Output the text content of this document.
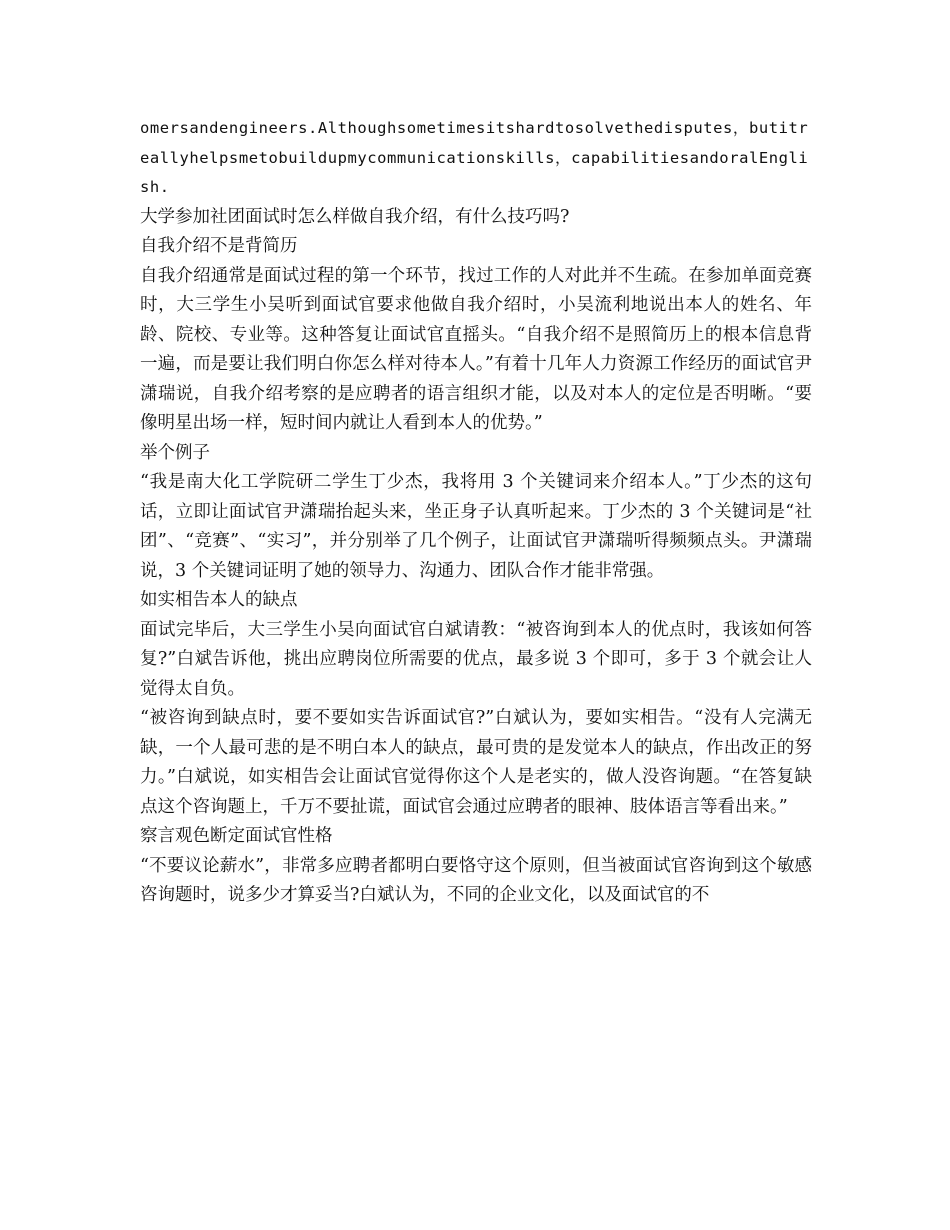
omersandengineers.Althoughsometimesitshardtosolvethedisputes，butitreallyhelpsmetobuildupmycommunicationskills，capabilitiesandoralEnglish.

大学参加社团面试时怎么样做自我介绍，有什么技巧吗?

自我介绍不是背简历

自我介绍通常是面试过程的第一个环节，找过工作的人对此并不生疏。在参加单面竞赛时，大三学生小吴听到面试官要求他做自我介绍时，小吴流利地说出本人的姓名、年龄、院校、专业等。这种答复让面试官直摇头。“自我介绍不是照简历上的根本信息背一遍，而是要让我们明白你怎么样对待本人。”有着十几年人力资源工作经历的面试官尹潇瑞说，自我介绍考察的是应聘者的语言组织才能，以及对本人的定位是否明晰。“要像明星出场一样，短时间内就让人看到本人的优势。”

举个例子

“我是南大化工学院研二学生丁少杰，我将用 3 个关键词来介绍本人。”丁少杰的这句话，立即让面试官尹潇瑞抬起头来，坐正身子认真听起来。丁少杰的 3 个关键词是“社团”、“竞赛”、“实习”，并分别举了几个例子，让面试官尹潇瑞听得频频点头。尹潇瑞说，3 个关键词证明了她的领导力、沟通力、团队合作才能非常强。

如实相告本人的缺点

面试完毕后，大三学生小吴向面试官白斌请教：“被咨询到本人的优点时，我该如何答复?”白斌告诉他，挑出应聘岗位所需要的优点，最多说 3 个即可，多于 3 个就会让人觉得太自负。

“被咨询到缺点时，要不要如实告诉面试官?”白斌认为，要如实相告。“没有人完满无缺，一个人最可悲的是不明白本人的缺点，最可贵的是发觉本人的缺点，作出改正的努力。”白斌说，如实相告会让面试官觉得你这个人是老实的，做人没咨询题。“在答复缺点这个咨询题上，千万不要扯谎，面试官会通过应聘者的眼神、肢体语言等看出来。”

察言观色断定面试官性格

“不要议论薪水”，非常多应聘者都明白要恪守这个原则，但当被面试官咨询到这个敏感咨询题时，说多少才算妥当?白斌认为，不同的企业文化，以及面试官的不
